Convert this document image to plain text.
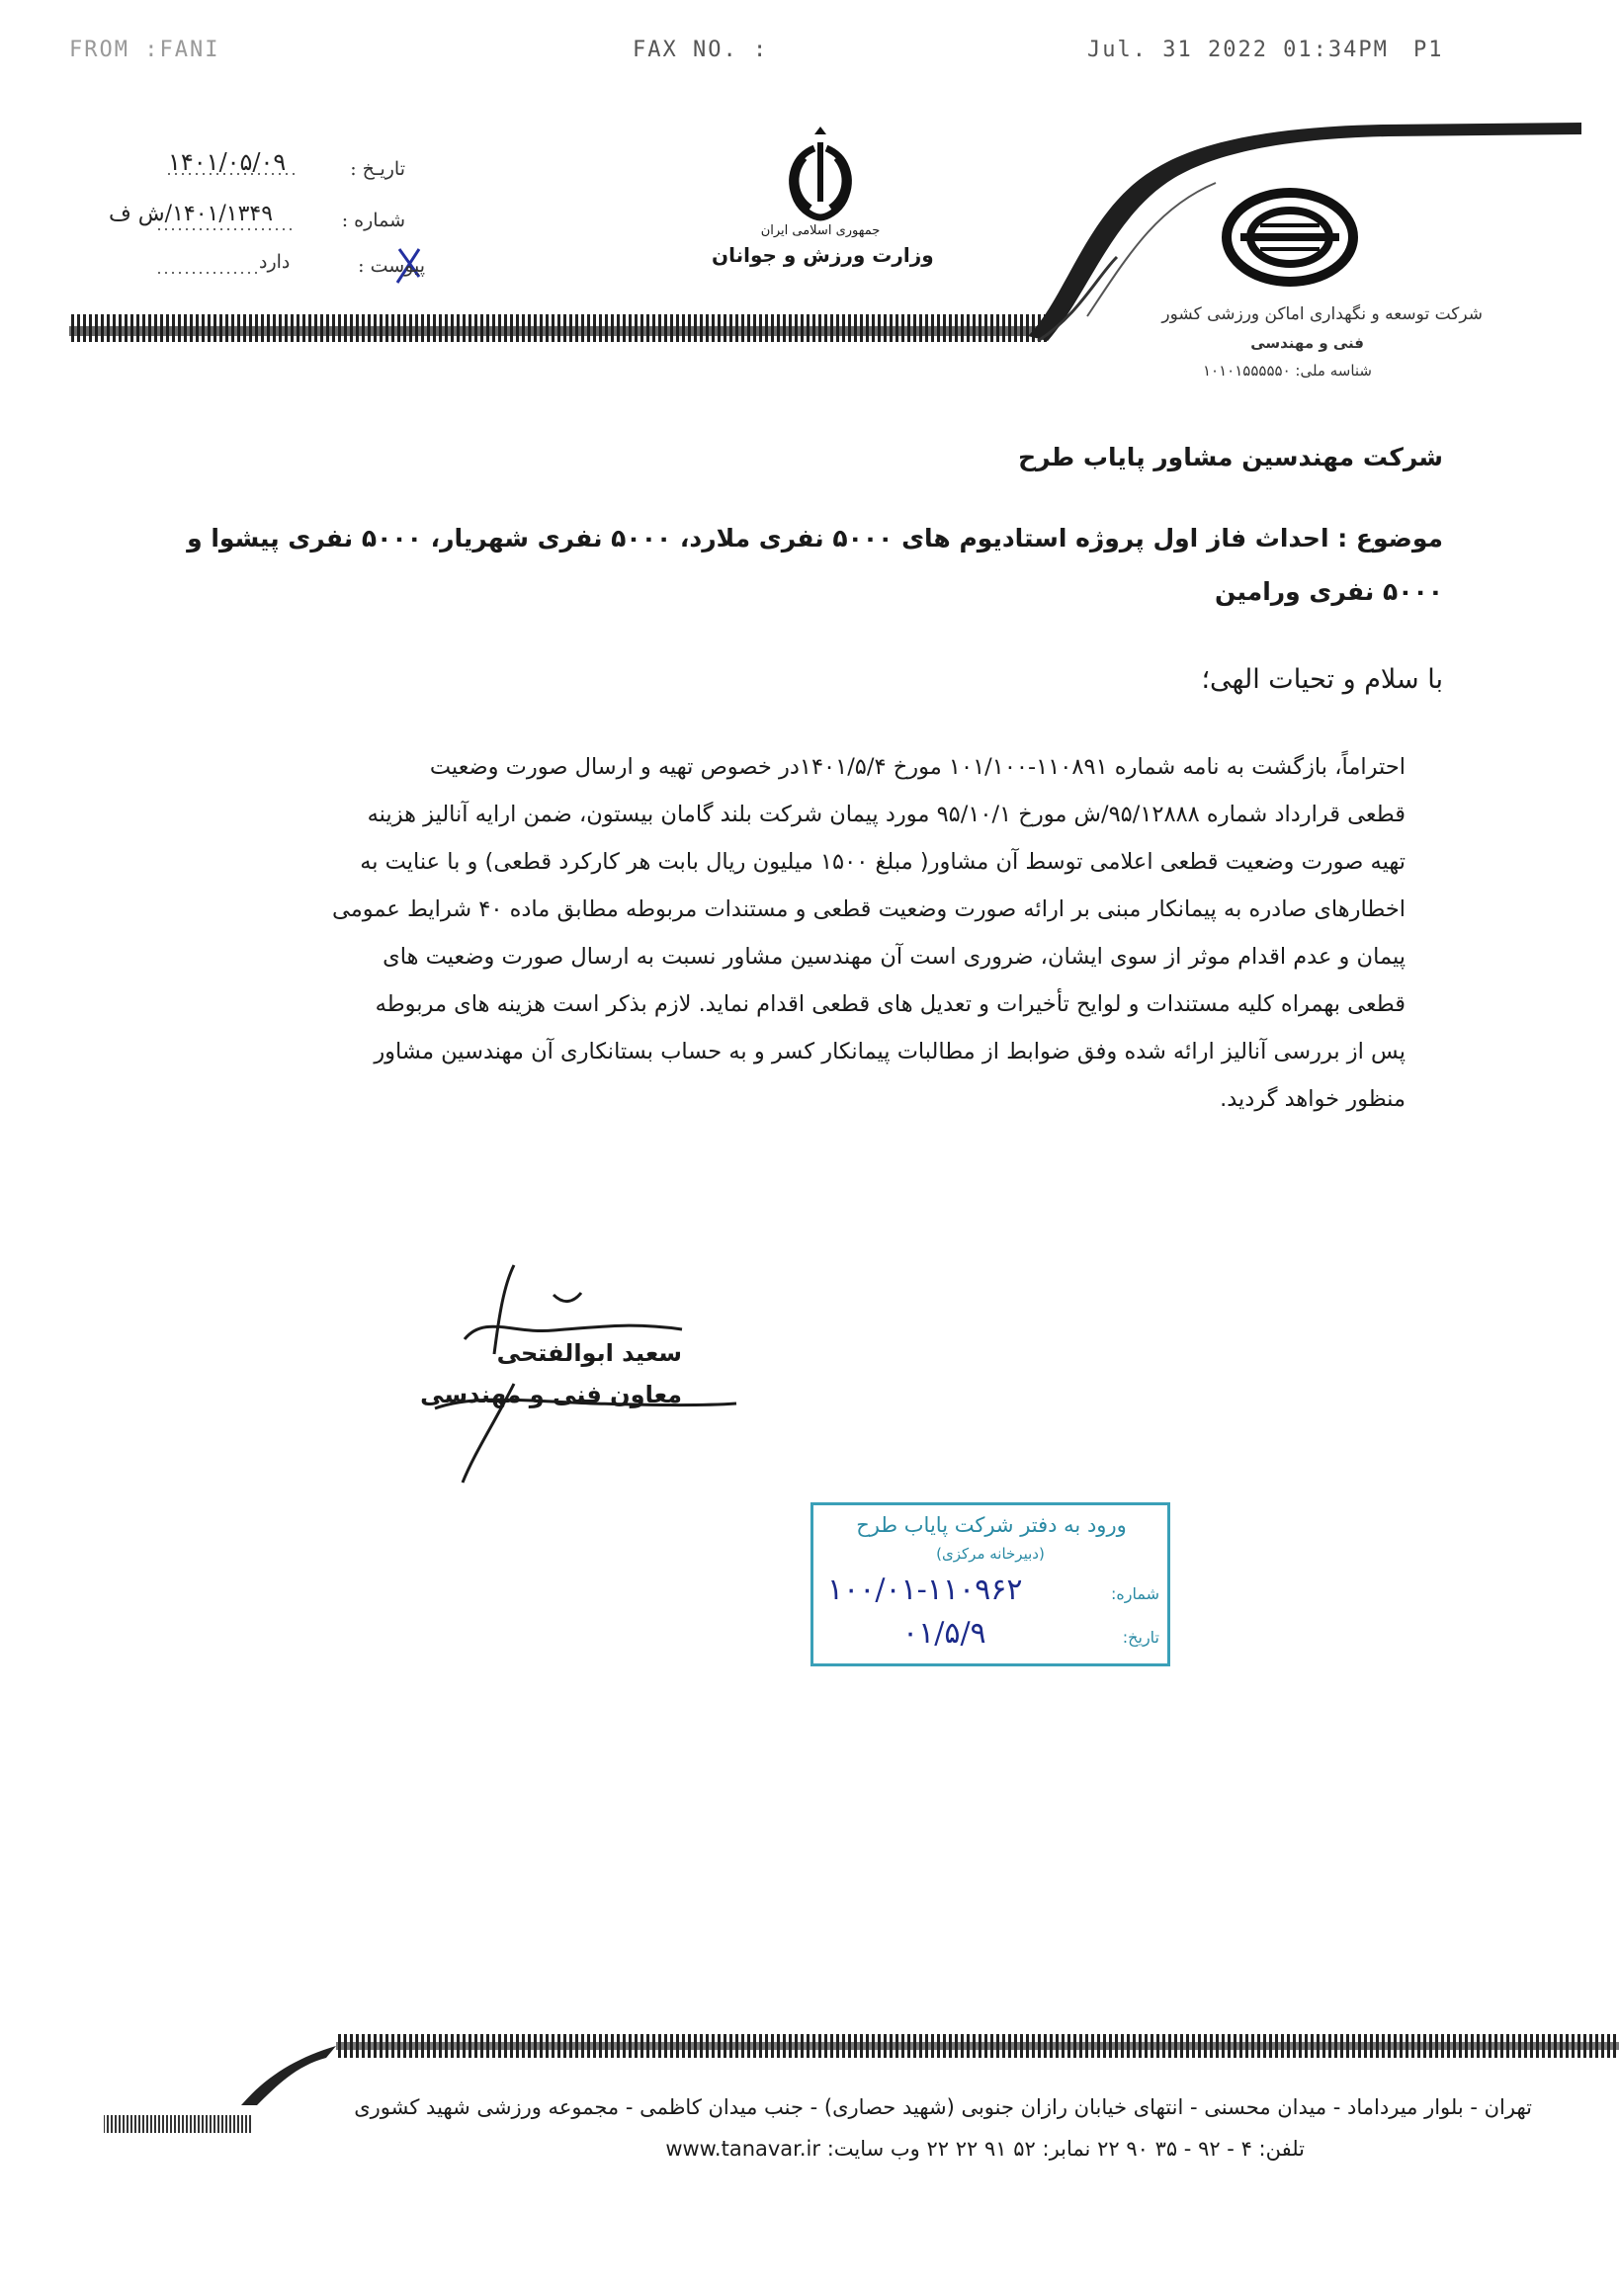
FROM :FANI	FAX NO. :	Jul. 31 2022 01:34PM P1
تاریـخ :
۱۴۰۱/۰۵/۰۹
شماره :
۱۴۰۱/۱۳۴۹/ش ف
پیوست :
دارد
جمهوری اسلامی ایران
وزارت ورزش و جوانان
شرکت توسعه و نگهداری اماکن ورزشی کشور
فنی و مهندسی
شناسه ملی: ۱۰۱۰۱۵۵۵۵۵۰
شرکت مهندسین مشاور پایاب طرح
موضوع : احداث فاز اول پروژه استادیوم های ۵۰۰۰ نفری ملارد، ۵۰۰۰ نفری شهریار، ۵۰۰۰ نفری پیشوا و
۵۰۰۰ نفری ورامین
با سلام و تحیات الهی؛
احتراماً، بازگشت به نامه شماره ۱۱۰۸۹۱-۱۰۱/۱۰۰ مورخ ۱۴۰۱/۵/۴در خصوص تهیه و ارسال صورت وضعیت
قطعی قرارداد شماره ۹۵/۱۲۸۸۸/ش مورخ ۹۵/۱۰/۱ مورد پیمان شرکت بلند گامان بیستون، ضمن ارایه آنالیز هزینه
تهیه صورت وضعیت قطعی اعلامی توسط آن مشاور( مبلغ ۱۵۰۰ میلیون ریال بابت هر کارکرد قطعی) و با عنایت به
اخطارهای صادره به پیمانکار مبنی بر ارائه صورت وضعیت قطعی و مستندات مربوطه مطابق ماده ۴۰ شرایط عمومی
پیمان و عدم اقدام موثر از سوی ایشان، ضروری است آن مهندسین مشاور نسبت به ارسال صورت وضعیت های
قطعی بهمراه کلیه مستندات و لوایح تأخیرات و تعدیل های قطعی اقدام نماید. لازم بذکر است هزینه های مربوطه
پس از بررسی آنالیز ارائه شده وفق ضوابط از مطالبات پیمانکار کسر و به حساب بستانکاری آن مهندسین مشاور
منظور خواهد گردید.
سعید ابوالفتحی
معاون فنی و مهندسی
ورود به دفتر شرکت پایاب طرح
(دبیرخانه مرکزی)
شماره:
۱۰۰/۰۱-۱۱۰۹۶۲
تاریخ:
۰۱/۵/۹
تهران - بلوار میرداماد - میدان محسنی - انتهای خیابان رازان جنوبی (شهید حصاری) - جنب میدان کاظمی - مجموعه ورزشی شهید کشوری
تلفن: ۴ - ۹۲ - ۳۵ ۹۰ ۲۲ نمابر: ۵۲ ۹۱ ۲۲ ۲۲ وب سایت: www.tanavar.ir
